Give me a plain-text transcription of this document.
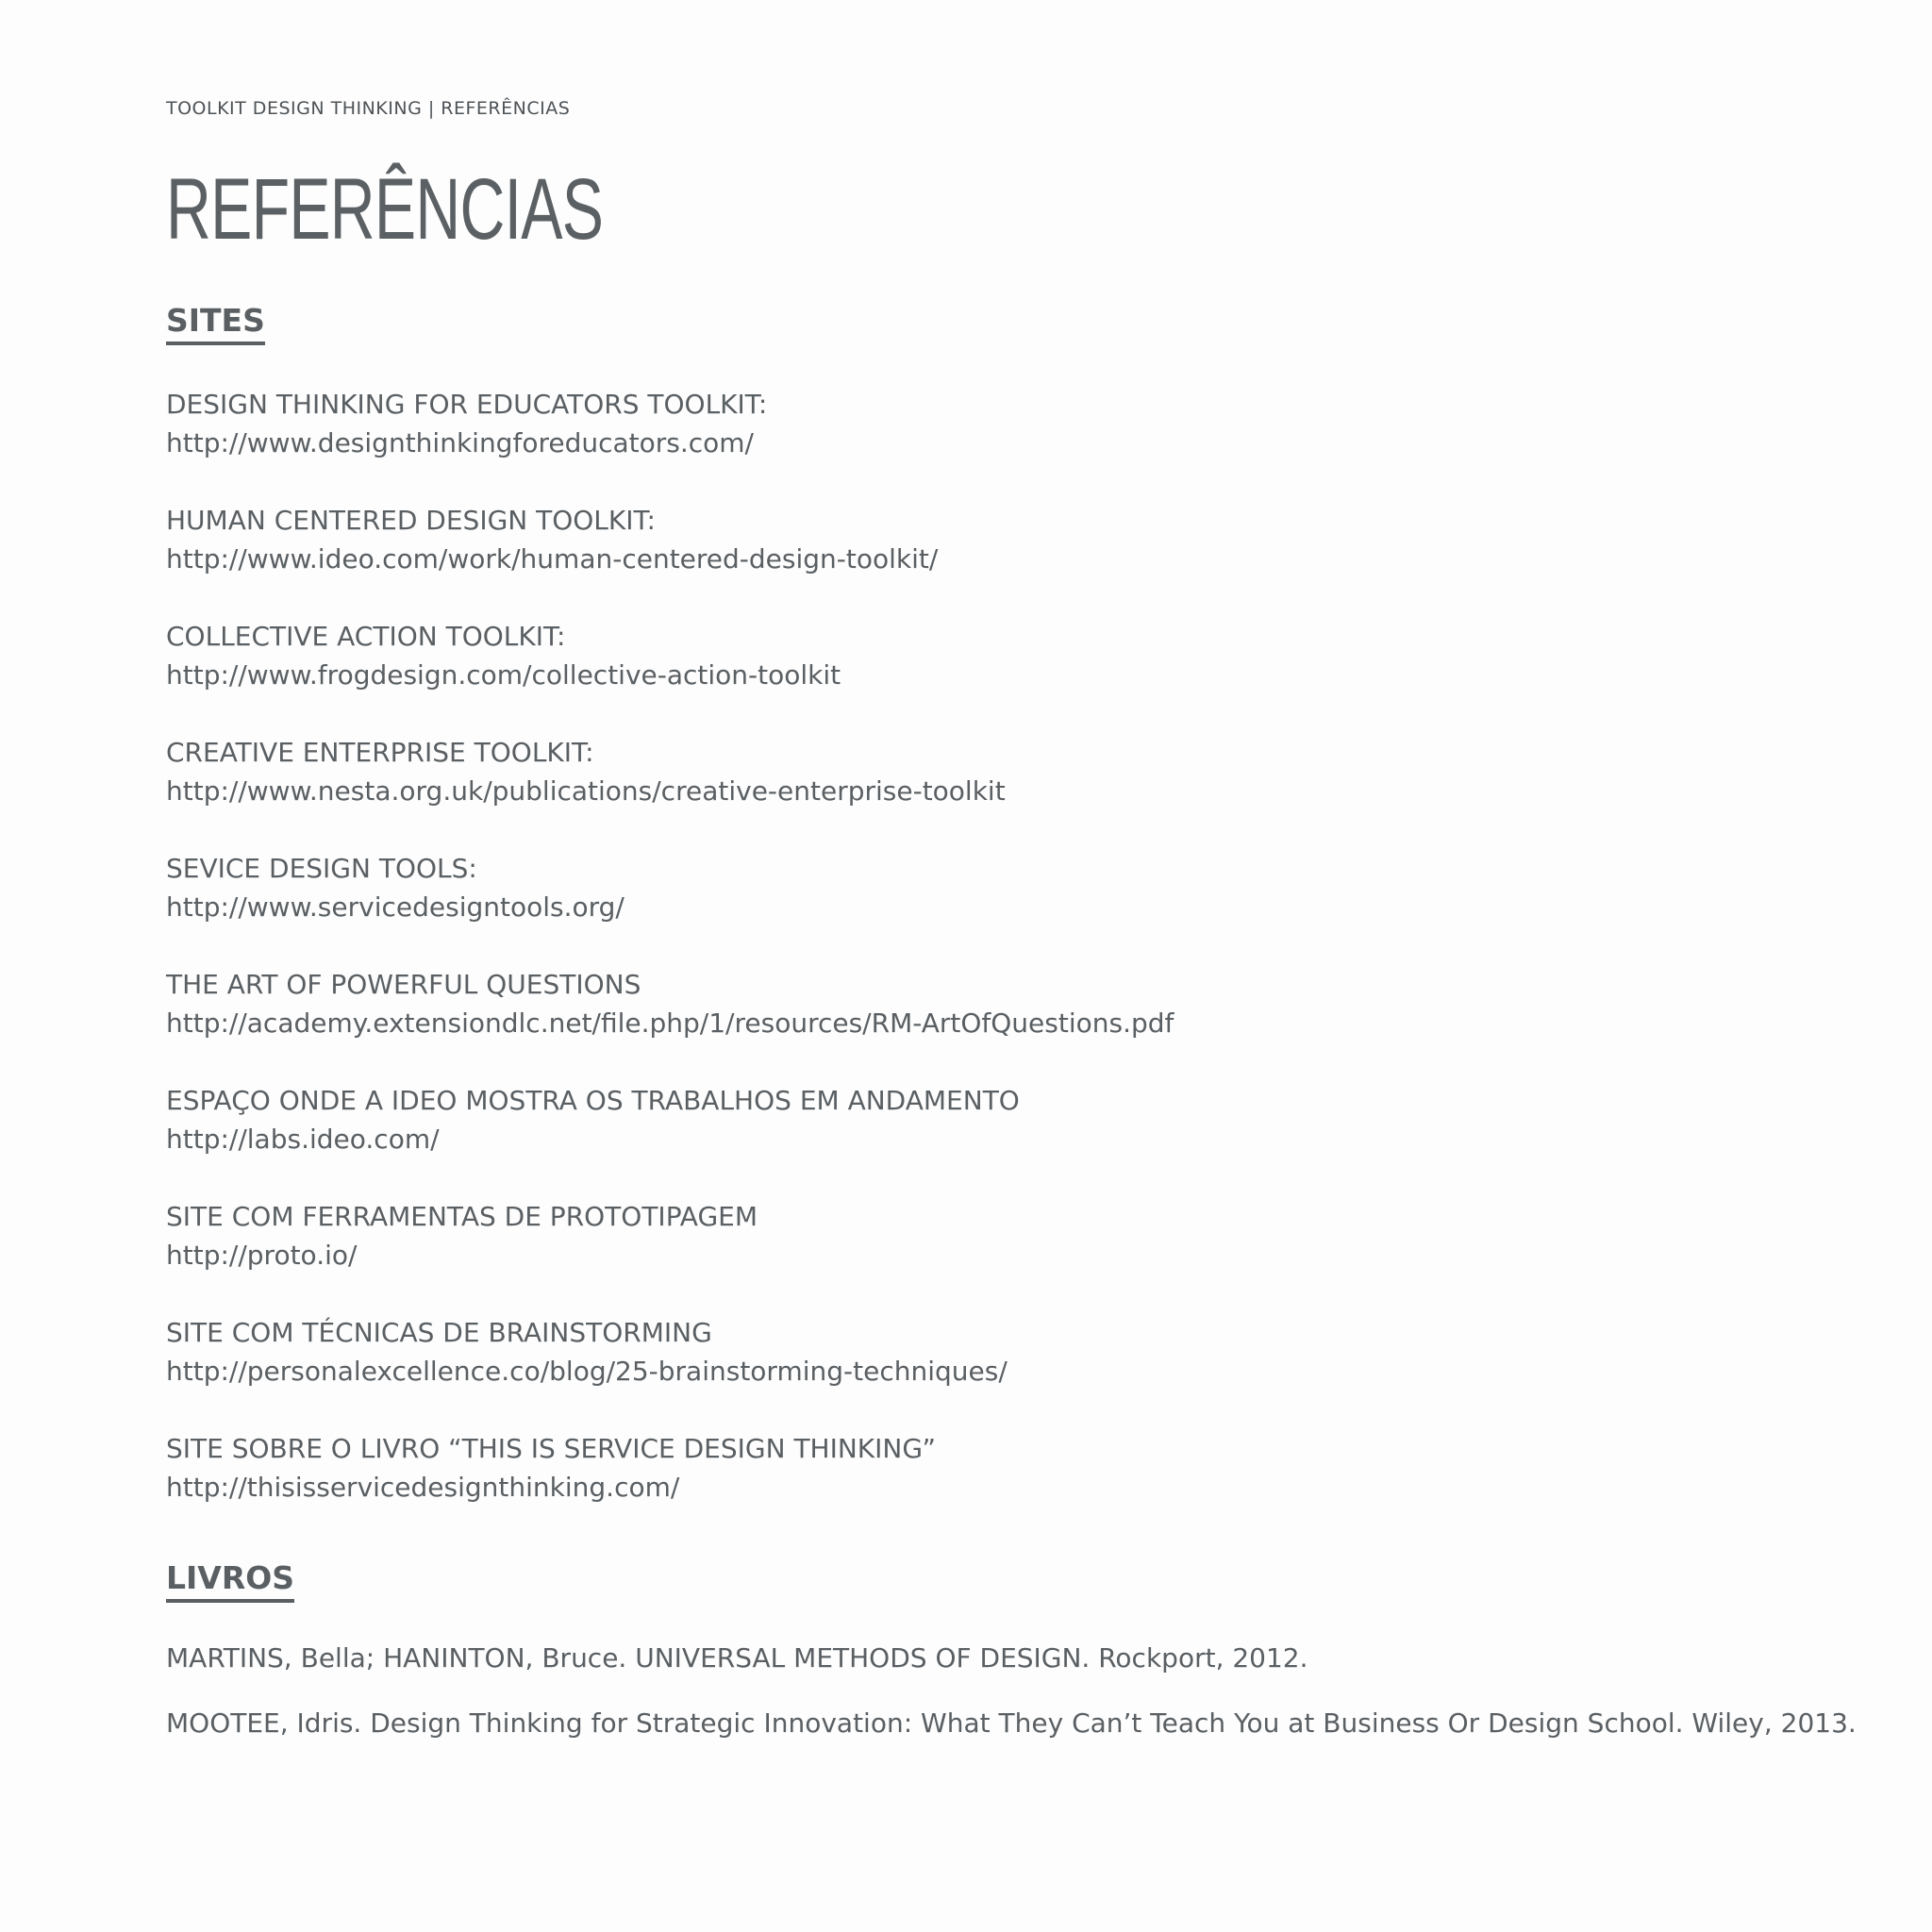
TOOLKIT DESIGN THINKING | REFERÊNCIAS

REFERÊNCIAS
SITES
DESIGN THINKING FOR EDUCATORS TOOLKIT:
http://www.designthinkingforeducators.com/
HUMAN CENTERED DESIGN TOOLKIT:
http://www.ideo.com/work/human-centered-design-toolkit/
COLLECTIVE ACTION TOOLKIT:
http://www.frogdesign.com/collective-action-toolkit
CREATIVE ENTERPRISE TOOLKIT:
http://www.nesta.org.uk/publications/creative-enterprise-toolkit
SEVICE DESIGN TOOLS:
http://www.servicedesigntools.org/
THE ART OF POWERFUL QUESTIONS
http://academy.extensiondlc.net/file.php/1/resources/RM-ArtOfQuestions.pdf
ESPAÇO ONDE A IDEO MOSTRA OS TRABALHOS EM ANDAMENTO
http://labs.ideo.com/
SITE COM FERRAMENTAS DE PROTOTIPAGEM
http://proto.io/
SITE COM TÉCNICAS DE BRAINSTORMING
http://personalexcellence.co/blog/25-brainstorming-techniques/
SITE SOBRE O LIVRO “THIS IS SERVICE DESIGN THINKING”
http://thisisservicedesignthinking.com/
LIVROS
MARTINS, Bella; HANINTON, Bruce. UNIVERSAL METHODS OF DESIGN. Rockport, 2012.
MOOTEE, Idris. Design Thinking for Strategic Innovation: What They Can’t Teach You at Business Or Design School. Wiley, 2013.
